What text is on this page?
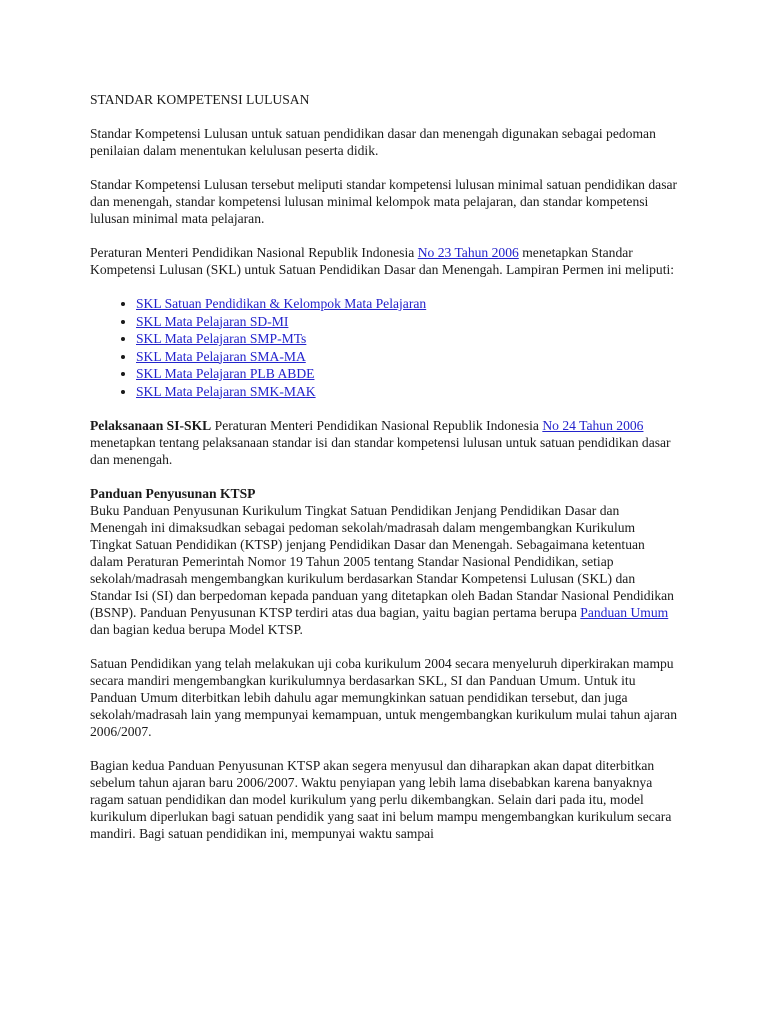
STANDAR KOMPETENSI LULUSAN

Standar Kompetensi Lulusan untuk satuan pendidikan dasar dan menengah digunakan sebagai pedoman penilaian dalam menentukan kelulusan peserta didik.

Standar Kompetensi Lulusan tersebut meliputi standar kompetensi lulusan minimal satuan pendidikan dasar dan menengah, standar kompetensi lulusan minimal kelompok mata pelajaran, dan standar kompetensi lulusan minimal mata pelajaran.

Peraturan Menteri Pendidikan Nasional Republik Indonesia No 23 Tahun 2006 menetapkan Standar Kompetensi Lulusan (SKL) untuk Satuan Pendidikan Dasar dan Menengah. Lampiran Permen ini meliputi:

• SKL Satuan Pendidikan & Kelompok Mata Pelajaran
• SKL Mata Pelajaran SD-MI
• SKL Mata Pelajaran SMP-MTs
• SKL Mata Pelajaran SMA-MA
• SKL Mata Pelajaran PLB ABDE
• SKL Mata Pelajaran SMK-MAK

Pelaksanaan SI-SKL Peraturan Menteri Pendidikan Nasional Republik Indonesia No 24 Tahun 2006 menetapkan tentang pelaksanaan standar isi dan standar kompetensi lulusan untuk satuan pendidikan dasar dan menengah.

Panduan Penyusunan KTSP

Buku Panduan Penyusunan Kurikulum Tingkat Satuan Pendidikan Jenjang Pendidikan Dasar dan Menengah ini dimaksudkan sebagai pedoman sekolah/madrasah dalam mengembangkan Kurikulum Tingkat Satuan Pendidikan (KTSP) jenjang Pendidikan Dasar dan Menengah. Sebagaimana ketentuan dalam Peraturan Pemerintah Nomor 19 Tahun 2005 tentang Standar Nasional Pendidikan, setiap sekolah/madrasah mengembangkan kurikulum berdasarkan Standar Kompetensi Lulusan (SKL) dan Standar Isi (SI) dan berpedoman kepada panduan yang ditetapkan oleh Badan Standar Nasional Pendidikan (BSNP). Panduan Penyusunan KTSP terdiri atas dua bagian, yaitu bagian pertama berupa Panduan Umum dan bagian kedua berupa Model KTSP.

Satuan Pendidikan yang telah melakukan uji coba kurikulum 2004 secara menyeluruh diperkirakan mampu secara mandiri mengembangkan kurikulumnya berdasarkan SKL, SI dan Panduan Umum. Untuk itu Panduan Umum diterbitkan lebih dahulu agar memungkinkan satuan pendidikan tersebut, dan juga sekolah/madrasah lain yang mempunyai kemampuan, untuk mengembangkan kurikulum mulai tahun ajaran 2006/2007.

Bagian kedua Panduan Penyusunan KTSP akan segera menyusul dan diharapkan akan dapat diterbitkan sebelum tahun ajaran baru 2006/2007. Waktu penyiapan yang lebih lama disebabkan karena banyaknya ragam satuan pendidikan dan model kurikulum yang perlu dikembangkan. Selain dari pada itu, model kurikulum diperlukan bagi satuan pendidik yang saat ini belum mampu mengembangkan kurikulum secara mandiri. Bagi satuan pendidikan ini, mempunyai waktu sampai
